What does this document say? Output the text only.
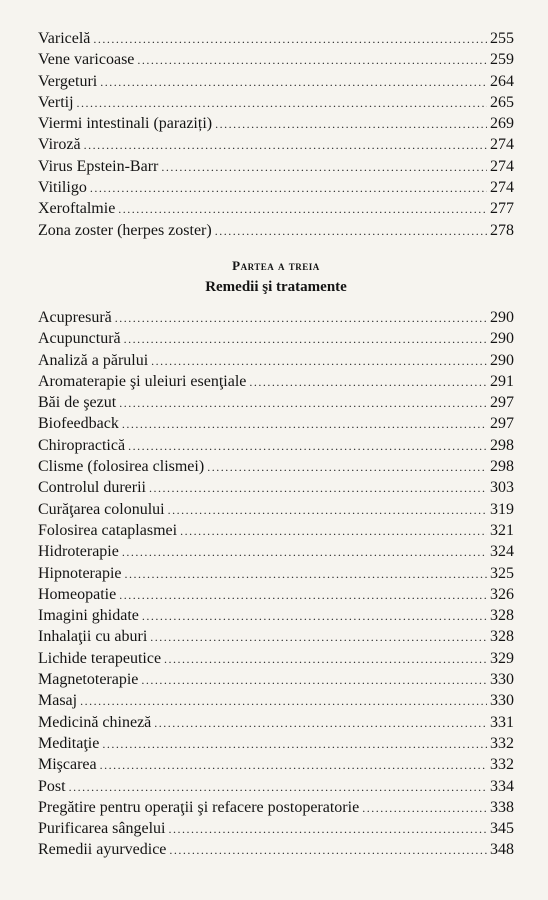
Varicelă .....	255
Vene varicoase .....	259
Vergeturi .....	264
Vertij .....	265
Viermi intestinali (paraziți) .....	269
Viroză .....	274
Virus Epstein-Barr .....	274
Vitiligo .....	274
Xeroftalmie .....	277
Zona zoster (herpes zoster) .....	278
Partea a treia
Remedii şi tratamente
Acupresură .....	290
Acupunctură .....	290
Analiză a părului .....	290
Aromaterapie şi uleiuri esenţiale .....	291
Băi de şezut .....	297
Biofeedback .....	297
Chiropractică .....	298
Clisme (folosirea clismei) .....	298
Controlul durerii .....	303
Curăţarea colonului .....	319
Folosirea cataplasmei .....	321
Hidroterapie .....	324
Hipnoterapie .....	325
Homeopatie .....	326
Imagini ghidate .....	328
Inhalaţii cu aburi .....	328
Lichide terapeutice .....	329
Magnetoterapie .....	330
Masaj .....	330
Medicină chineză .....	331
Meditaţie .....	332
Mişcarea .....	332
Post .....	334
Pregătire pentru operaţii şi refacere postoperatorie .....	338
Purificarea sângelui .....	345
Remedii ayurvedice .....	348
